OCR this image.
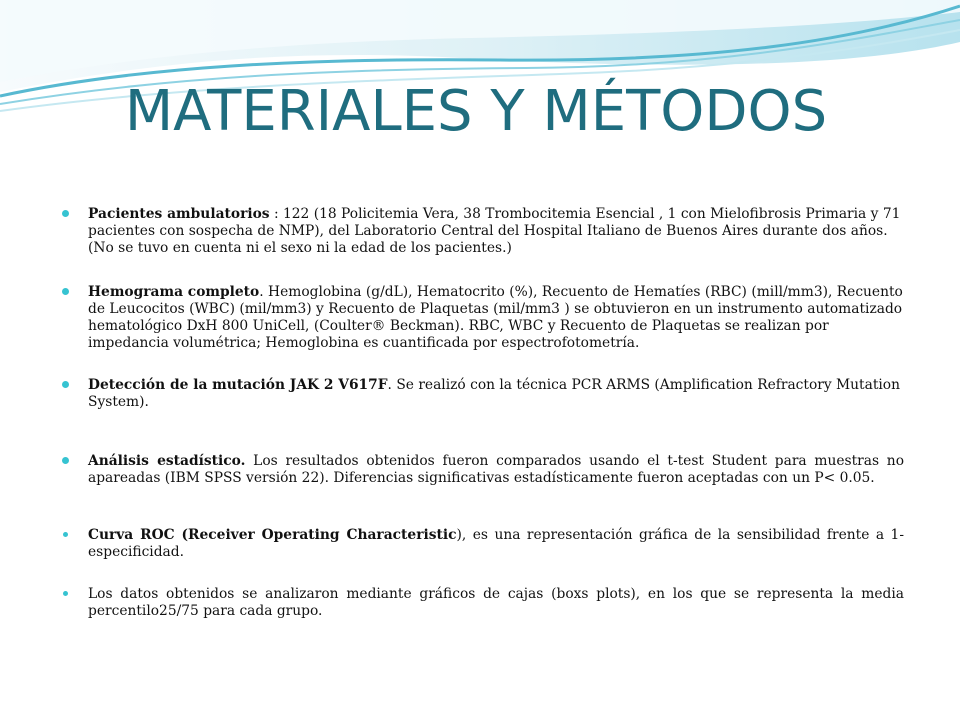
MATERIALES Y MÉTODOS
Pacientes ambulatorios : 122 (18 Policitemia Vera, 38 Trombocitemia Esencial , 1 con Mielofibrosis Primaria y 71 pacientes con sospecha de NMP), del Laboratorio Central del Hospital Italiano de Buenos Aires durante dos años. (No se tuvo en cuenta ni el sexo ni la edad de los pacientes.)
Hemograma completo. Hemoglobina (g/dL), Hematocrito (%), Recuento de Hematíes (RBC) (mill/mm3), Recuento de Leucocitos (WBC) (mil/mm3) y Recuento de Plaquetas (mil/mm3 ) se obtuvieron en un instrumento automatizado hematológico DxH 800 UniCell, (Coulter® Beckman). RBC, WBC y Recuento de Plaquetas se realizan por impedancia volumétrica; Hemoglobina es cuantificada por espectrofotometría.
Detección de la mutación JAK 2 V617F. Se realizó con la técnica PCR ARMS (Amplification Refractory Mutation System).
Análisis estadístico. Los resultados obtenidos fueron comparados usando el t-test Student para muestras no apareadas (IBM SPSS versión 22). Diferencias significativas estadísticamente fueron aceptadas con un P< 0.05.
Curva ROC (Receiver Operating Characteristic), es una representación gráfica de la sensibilidad frente a 1- especificidad.
Los datos obtenidos se analizaron mediante gráficos de cajas (boxs plots), en los que se representa la media percentilo25/75 para cada grupo.
